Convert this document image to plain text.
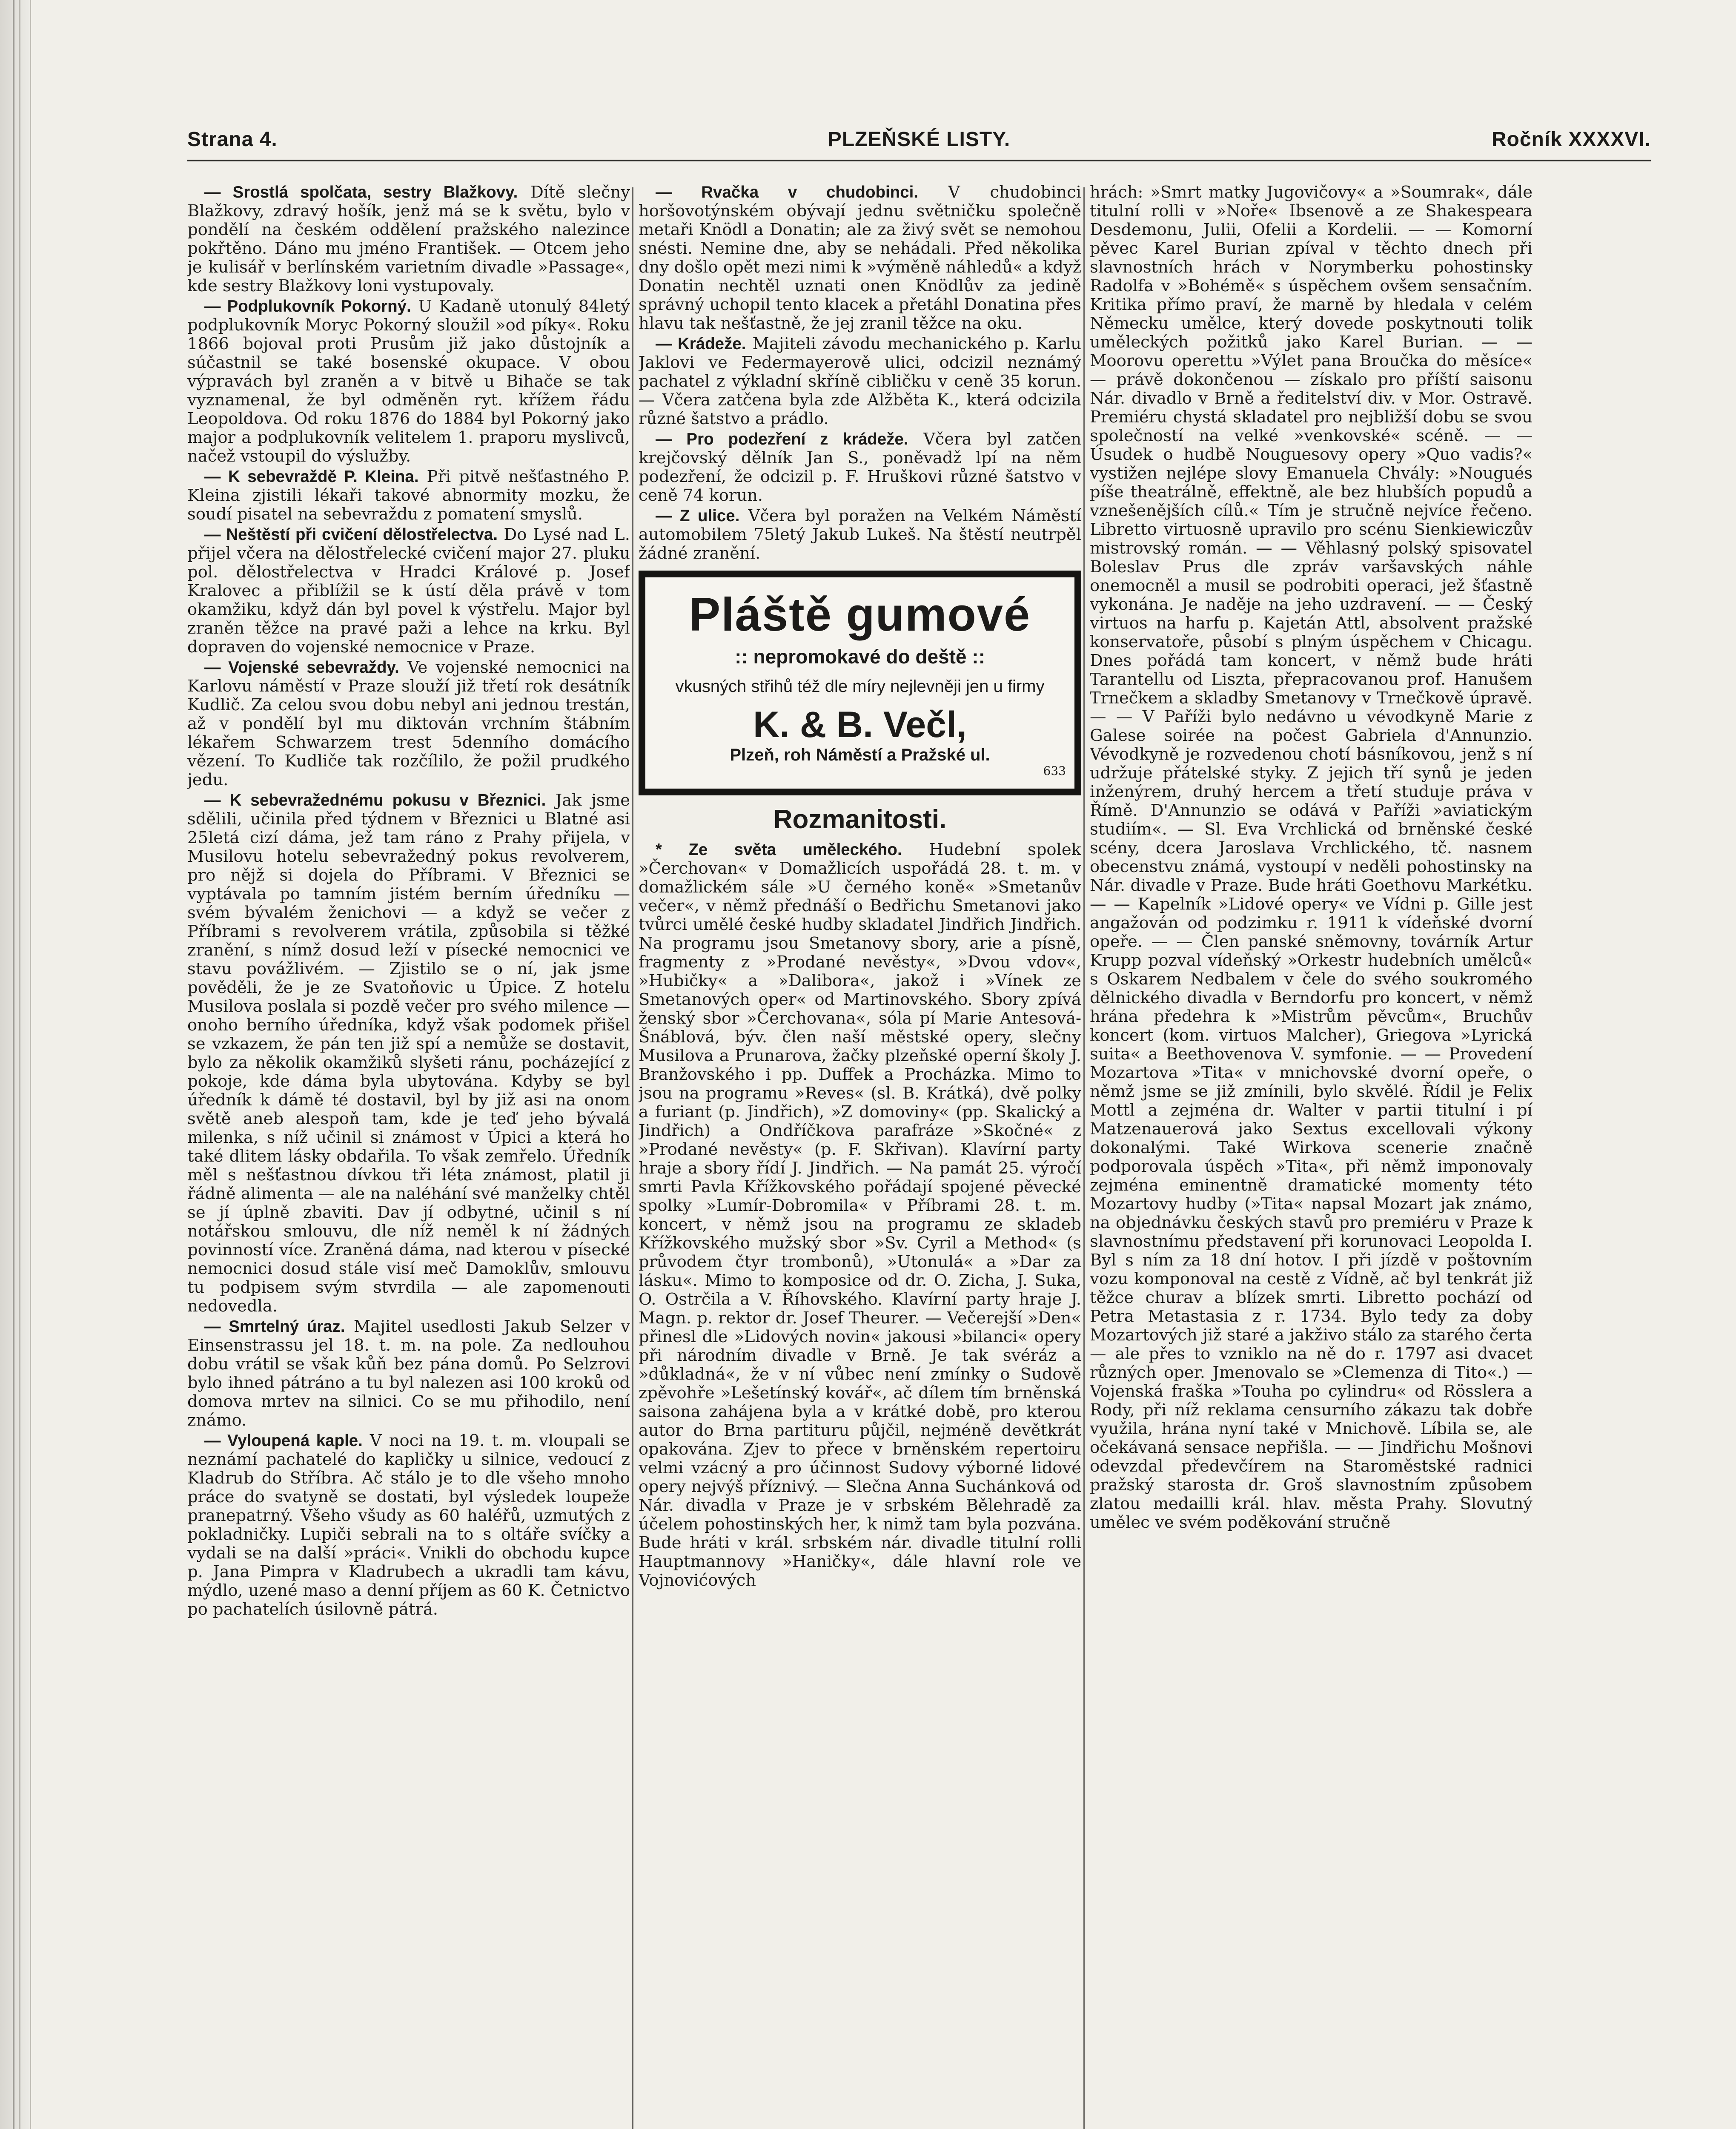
Strana 4.	PLZEŇSKÉ LISTY.	Ročník XXXXVI.

— Srostlá spolčata, sestry Blažkovy. Dítě slečny Blažkovy, zdravý hošík, jenž má se k světu, bylo v pondělí na českém oddělení pražského nalezince pokřtěno. Dáno mu jméno František. — Otcem jeho je kulisář v berlínském varietním divadle »Passage«, kde sestry Blažkovy loni vystupovaly.

— Podplukovník Pokorný. U Kadaně utonulý 84letý podplukovník Moryc Pokorný sloužil »od píky«. Roku 1866 bojoval proti Prusům již jako důstojník a súčastnil se také bosenské okupace. V obou výpravách byl zraněn a v bitvě u Bihače se tak vyznamenal, že byl odměněn ryt. křížem řádu Leopoldova. Od roku 1876 do 1884 byl Pokorný jako major a podplukovník velitelem 1. praporu myslivců, načež vstoupil do výslužby.

— K sebevraždě P. Kleina. Při pitvě nešťastného P. Kleina zjistili lékaři takové abnormity mozku, že soudí pisatel na sebevraždu z pomatení smyslů.

— Neštěstí při cvičení dělostřelectva. Do Lysé nad L. přijel včera na dělostřelecké cvičení major 27. pluku pol. dělostřelectva v Hradci Králové p. Josef Kralovec a přiblížil se k ústí děla právě v tom okamžiku, když dán byl povel k výstřelu. Major byl zraněn těžce na pravé paži a lehce na krku. Byl dopraven do vojenské nemocnice v Praze.

— Vojenské sebevraždy. Ve vojenské nemocnici na Karlovu náměstí v Praze slouží již třetí rok desátník Kudlič. Za celou svou dobu nebyl ani jednou trestán, až v pondělí byl mu diktován vrchním štábním lékařem Schwarzem trest 5denního domácího vězení. To Kudliče tak rozčílilo, že požil prudkého jedu.

— K sebevražednému pokusu v Březnici. Jak jsme sdělili, učinila před týdnem v Březnici u Blatné asi 25letá cizí dáma, jež tam ráno z Prahy přijela, v Musilovu hotelu sebevražedný pokus revolverem, pro nějž si dojela do Příbrami. V Březnici se vyptávala po tamním jistém berním úředníku — svém bývalém ženichovi — a když se večer z Příbrami s revolverem vrátila, způsobila si těžké zranění, s nímž dosud leží v písecké nemocnici ve stavu povážlivém. — Zjistilo se o ní, jak jsme pověděli, že je ze Svatoňovic u Úpice. Z hotelu Musilova poslala si pozdě večer pro svého milence — onoho berního úředníka, když však podomek přišel se vzkazem, že pán ten již spí a nemůže se dostavit, bylo za několik okamžiků slyšeti ránu, pocházející z pokoje, kde dáma byla ubytována. Kdyby se byl úředník k dámě té dostavil, byl by již asi na onom světě aneb alespoň tam, kde je teď jeho bývalá milenka, s níž učinil si známost v Úpici a která ho také dlitem lásky obdařila. To však zemřelo. Úředník měl s nešťastnou dívkou tři léta známost, platil ji řádně alimenta — ale na naléhání své manželky chtěl se jí úplně zbaviti. Dav jí odbytné, učinil s ní notářskou smlouvu, dle níž neměl k ní žádných povinností více. Zraněná dáma, nad kterou v písecké nemocnici dosud stále visí meč Damoklův, smlouvu tu podpisem svým stvrdila — ale zapomenouti nedovedla.

— Smrtelný úraz. Majitel usedlosti Jakub Selzer v Einsenstrassu jel 18. t. m. na pole. Za nedlouhou dobu vrátil se však kůň bez pána domů. Po Selzrovi bylo ihned pátráno a tu byl nalezen asi 100 kroků od domova mrtev na silnici. Co se mu přihodilo, není známo.

— Vyloupená kaple. V noci na 19. t. m. vloupali se neznámí pachatelé do kapličky u silnice, vedoucí z Kladrub do Stříbra. Ač stálo je to dle všeho mnoho práce do svatyně se dostati, byl výsledek loupeže pranepatrný. Všeho všudy as 60 haléřů, uzmutých z pokladničky. Lupiči sebrali na to s oltáře svíčky a vydali se na další »práci«. Vnikli do obchodu kupce p. Jana Pimpra v Kladrubech a ukradli tam kávu, mýdlo, uzené maso a denní příjem as 60 K. Četnictvo po pachatelích úsilovně pátrá.

— Rvačka v chudobinci. V chudobinci horšovotýnském obývají jednu světničku společně metaři Knödl a Donatin; ale za živý svět se nemohou snésti. Nemine dne, aby se nehádali. Před několika dny došlo opět mezi nimi k »výměně náhledů« a když Donatin nechtěl uznati onen Knödlův za jedině správný uchopil tento klacek a přetáhl Donatina přes hlavu tak nešťastně, že jej zranil těžce na oku.

— Krádeže. Majiteli závodu mechanického p. Karlu Jaklovi ve Federmayerově ulici, odcizil neznámý pachatel z výkladní skříně cibličku v ceně 35 korun. — Včera zatčena byla zde Alžběta K., která odcizila různé šatstvo a prádlo.

— Pro podezření z krádeže. Včera byl zatčen krejčovský dělník Jan S., poněvadž lpí na něm podezření, že odcizil p. F. Hruškovi různé šatstvo v ceně 74 korun.

— Z ulice. Včera byl poražen na Velkém Náměstí automobilem 75letý Jakub Lukeš. Na štěstí neutrpěl žádné zranění.

Pláště gumové
:: nepromokavé do deště ::
vkusných střihů též dle míry nejlevněji jen u firmy
K. & B. Večl,
Plzeň, roh Náměstí a Pražské ul.
633
Rozmanitosti.

* Ze světa uměleckého. Hudební spolek »Čerchovan« v Domažlicích uspořádá 28. t. m. v domažlickém sále »U černého koně« »Smetanův večer«, v němž přednáší o Bedřichu Smetanovi jako tvůrci umělé české hudby skladatel Jindřich Jindřich. Na programu jsou Smetanovy sbory, arie a písně, fragmenty z »Prodané nevěsty«, »Dvou vdov«, »Hubičky« a »Dalibora«, jakož i »Vínek ze Smetanových oper« od Martinovského. Sbory zpívá ženský sbor »Čerchovana«, sóla pí Marie Antesová-Šnáblová, býv. člen naší městské opery, slečny Musilova a Prunarova, žačky plzeňské operní školy J. Branžovského i pp. Duffek a Procházka. Mimo to jsou na programu »Reves« (sl. B. Krátká), dvě polky a furiant (p. Jindřich), »Z domoviny« (pp. Skalický a Jindřich) a Ondříčkova parafráze »Skočné« z »Prodané nevěsty« (p. F. Skřivan). Klavírní party hraje a sbory řídí J. Jindřich. — Na památ 25. výročí smrti Pavla Křížkovského pořádají spojené pěvecké spolky »Lumír-Dobromila« v Příbrami 28. t. m. koncert, v němž jsou na programu ze skladeb Křížkovského mužský sbor »Sv. Cyril a Method« (s průvodem čtyr trombonů), »Utonulá« a »Dar za lásku«. Mimo to komposice od dr. O. Zicha, J. Suka, O. Ostrčila a V. Říhovského. Klavírní party hraje J. Magn. p. rektor dr. Josef Theurer. — Večerejší »Den« přinesl dle »Lidových novin« jakousi »bilanci« opery při národním divadle v Brně. Je tak svéráz a »důkladná«, že v ní vůbec není zmínky o Sudově zpěvohře »Lešetínský kovář«, ač dílem tím brněnská saisona zahájena byla a v krátké době, pro kterou autor do Brna partituru půjčil, nejméně devětkrát opakována. Zjev to přece v brněnském repertoiru velmi vzácný a pro účinnost Sudovy výborné lidové opery nejvýš příznivý. — Slečna Anna Suchánková od Nár. divadla v Praze je v srbském Bělehradě za účelem pohostinských her, k nimž tam byla pozvána. Bude hráti v král. srbském nár. divadle titulní rolli Hauptmannovy »Haničky«, dále hlavní role ve Vojnovićových

hrách: »Smrt matky Jugovičovy« a »Soumrak«, dále titulní rolli v »Noře« Ibsenově a ze Shakespeara Desdemonu, Julii, Ofelii a Kordelii. — — Komorní pěvec Karel Burian zpíval v těchto dnech při slavnostních hrách v Norymberku pohostinsky Radolfa v »Bohémě« s úspěchem ovšem sensačním. Kritika přímo praví, že marně by hledala v celém Německu umělce, který dovede poskytnouti tolik uměleckých požitků jako Karel Burian. — — Moorovu operettu »Výlet pana Broučka do měsíce« — právě dokončenou — získalo pro příští saisonu Nár. divadlo v Brně a ředitelství div. v Mor. Ostravě. Premiéru chystá skladatel pro nejbližší dobu se svou společností na velké »venkovské« scéně. — — Úsudek o hudbě Nouguesovy opery »Quo vadis?« vystižen nejlépe slovy Emanuela Chvály: »Nougués píše theatrálně, effektně, ale bez hlubších popudů a vznešenějších cílů.« Tím je stručně nejvíce řečeno. Libretto virtuosně upravilo pro scénu Sienkiewiczův mistrovský román. — — Věhlasný polský spisovatel Boleslav Prus dle zpráv varšavských náhle onemocněl a musil se podrobiti operaci, jež šťastně vykonána. Je naděje na jeho uzdravení. — — Český virtuos na harfu p. Kajetán Attl, absolvent pražské konservatoře, působí s plným úspěchem v Chicagu. Dnes pořádá tam koncert, v němž bude hráti Tarantellu od Liszta, přepracovanou prof. Hanušem Trnečkem a skladby Smetanovy v Trnečkově úpravě. — — V Paříži bylo nedávno u vévodkyně Marie z Galese soirée na počest Gabriela d'Annunzio. Vévodkyně je rozvedenou chotí básníkovou, jenž s ní udržuje přátelské styky. Z jejich tří synů je jeden inženýrem, druhý hercem a třetí studuje práva v Římě. D'Annunzio se odává v Paříži »aviatickým studiím«. — Sl. Eva Vrchlická od brněnské české scény, dcera Jaroslava Vrchlického, tč. nasnem obecenstvu známá, vystoupí v neděli pohostinsky na Nár. divadle v Praze. Bude hráti Goethovu Markétku. — — Kapelník »Lidové opery« ve Vídni p. Gille jest angažován od podzimku r. 1911 k vídeňské dvorní opeře. — — Člen panské sněmovny, továrník Artur Krupp pozval vídeňský »Orkestr hudebních umělců« s Oskarem Nedbalem v čele do svého soukromého dělnického divadla v Berndorfu pro koncert, v němž hrána předehra k »Mistrům pěvcům«, Bruchův koncert (kom. virtuos Malcher), Griegova »Lyrická suita« a Beethovenova V. symfonie. — — Provedení Mozartova »Tita« v mnichovské dvorní opeře, o němž jsme se již zmínili, bylo skvělé. Řídil je Felix Mottl a zejména dr. Walter v partii titulní i pí Matzenauerová jako Sextus excellovali výkony dokonalými. Také Wirkova scenerie značně podporovala úspěch »Tita«, při němž imponovaly zejména eminentně dramatické momenty této Mozartovy hudby (»Tita« napsal Mozart jak známo, na objednávku českých stavů pro premiéru v Praze k slavnostnímu představení při korunovaci Leopolda I. Byl s ním za 18 dní hotov. I při jízdě v poštovním vozu komponoval na cestě z Vídně, ač byl tenkrát již těžce churav a blízek smrti. Libretto pochází od Petra Metastasia z r. 1734. Bylo tedy za doby Mozartových již staré a jakživo stálo za starého čerta — ale přes to vzniklo na ně do r. 1797 asi dvacet různých oper. Jmenovalo se »Clemenza di Tito«.) — Vojenská fraška »Touha po cylindru« od Rösslera a Rody, při níž reklama censurního zákazu tak dobře využila, hrána nyní také v Mnichově. Líbila se, ale očekávaná sensace nepřišla. — — Jindřichu Mošnovi odevzdal předevčírem na Staroměstské radnici pražský starosta dr. Groš slavnostním způsobem zlatou medailli král. hlav. města Prahy. Slovutný umělec ve svém poděkování stručně
